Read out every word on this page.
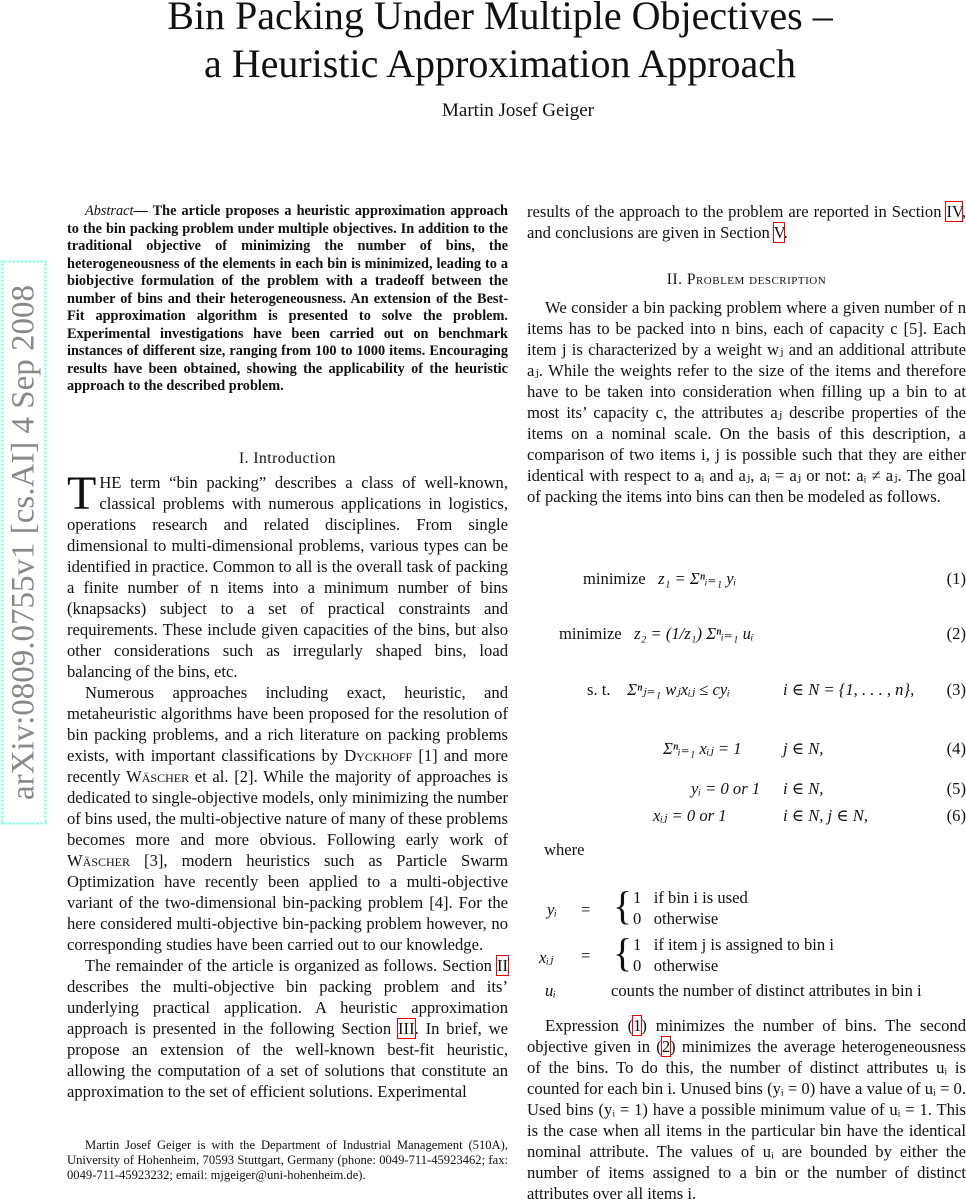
arXiv:0809.0755v1 [cs.AI] 4 Sep 2008
Bin Packing Under Multiple Objectives –
a Heuristic Approximation Approach
Martin Josef Geiger

Abstract— The article proposes a heuristic approximation approach to the bin packing problem under multiple objectives. In addition to the traditional objective of minimizing the number of bins, the heterogeneousness of the elements in each bin is minimized, leading to a biobjective formulation of the problem with a tradeoff between the number of bins and their heterogeneousness. An extension of the Best-Fit approximation algorithm is presented to solve the problem. Experimental investigations have been carried out on benchmark instances of different size, ranging from 100 to 1000 items. Encouraging results have been obtained, showing the applicability of the heuristic approach to the described problem.

I. Introduction

THE term “bin packing” describes a class of well-known, classical problems with numerous applications in logistics, operations research and related disciplines. From single dimensional to multi-dimensional problems, various types can be identified in practice. Common to all is the overall task of packing a finite number of n items into a minimum number of bins (knapsacks) subject to a set of practical constraints and requirements. These include given capacities of the bins, but also other considerations such as irregularly shaped bins, load balancing of the bins, etc.

Numerous approaches including exact, heuristic, and metaheuristic algorithms have been proposed for the resolution of bin packing problems, and a rich literature on packing problems exists, with important classifications by Dyckhoff [1] and more recently Wäscher et al. [2]. While the majority of approaches is dedicated to single-objective models, only minimizing the number of bins used, the multi-objective nature of many of these problems becomes more and more obvious. Following early work of Wäscher [3], modern heuristics such as Particle Swarm Optimization have recently been applied to a multi-objective variant of the two-dimensional bin-packing problem [4]. For the here considered multi-objective bin-packing problem however, no corresponding studies have been carried out to our knowledge.

The remainder of the article is organized as follows. Section II describes the multi-objective bin packing problem and its’ underlying practical application. A heuristic approximation approach is presented in the following Section III. In brief, we propose an extension of the well-known best-fit heuristic, allowing the computation of a set of solutions that constitute an approximation to the set of efficient solutions. Experimental

Martin Josef Geiger is with the Department of Industrial Management (510A), University of Hohenheim, 70593 Stuttgart, Germany (phone: 0049-711-45923462; fax: 0049-711-45923232; email: mjgeiger@uni-hohenheim.de).

results of the approach to the problem are reported in Section IV, and conclusions are given in Section V.
II. Problem description

We consider a bin packing problem where a given number of n items has to be packed into n bins, each of capacity c [5]. Each item j is characterized by a weight wⱼ and an additional attribute aⱼ. While the weights refer to the size of the items and therefore have to be taken into consideration when filling up a bin to at most its’ capacity c, the attributes aⱼ describe properties of the items on a nominal scale. On the basis of this description, a comparison of two items i, j is possible such that they are either identical with respect to aᵢ and aⱼ, aᵢ = aⱼ or not: aᵢ ≠ aⱼ. The goal of packing the items into bins can then be modeled as follows.

minimize z₁ = Σⁿᵢ₌₁ yᵢ	(1)
minimize z₂ = (1/z₁) Σⁿᵢ₌₁ uᵢ	(2)
s. t. Σⁿⱼ₌₁ wⱼxᵢⱼ ≤ cyᵢ	i ∈ N = {1, . . . , n}, (3)
Σⁿᵢ₌₁ xᵢⱼ = 1 j ∈ N,	(4)
yᵢ = 0 or 1 i ∈ N,	(5)
xᵢⱼ = 0 or 1	i ∈ N, j ∈ N,	(6)
where
yᵢ = { 1   if bin i is used
0   otherwise
xᵢⱼ = { 1   if item j is assigned to bin i
0   otherwise
uᵢ	counts the number of distinct attributes in bin i

Expression (1) minimizes the number of bins. The second objective given in (2) minimizes the average heterogeneousness of the bins. To do this, the number of distinct attributes uᵢ is counted for each bin i. Unused bins (yᵢ = 0) have a value of uᵢ = 0. Used bins (yᵢ = 1) have a possible minimum value of uᵢ = 1. This is the case when all items in the particular bin have the identical nominal attribute. The values of uᵢ are bounded by either the number of items assigned to a bin or the number of distinct attributes over all items i.
